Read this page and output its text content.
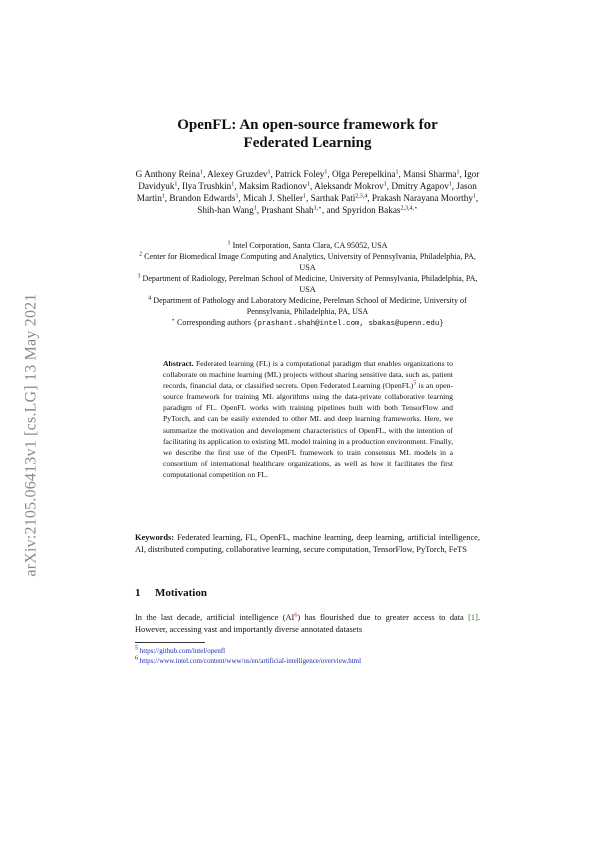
arXiv:2105.06413v1 [cs.LG] 13 May 2021
OpenFL: An open-source framework for
Federated Learning
G Anthony Reina$^1$, Alexey Gruzdev$^1$, Patrick Foley$^1$, Olga Perepelkina$^1$, Mansi Sharma$^1$, Igor Davidyuk$^1$, Ilya Trushkin$^1$, Maksim Radionov$^1$, Aleksandr Mokrov$^1$, Dmitry Agapov$^1$, Jason Martin$^1$, Brandon Edwards$^1$, Micah J. Sheller$^1$, Sarthak Pati$^{2,3,4}$, Prakash Narayana Moorthy$^1$, Shih-han Wang$^1$, Prashant Shah$^{1,⋆}$, and Spyridon Bakas$^{2,3,4,⋆}$

$^1$ Intel Corporation, Santa Clara, CA 95052, USA

$^2$ Center for Biomedical Image Computing and Analytics, University of Pennsylvania, Philadelphia, PA, USA

$^3$ Department of Radiology, Perelman School of Medicine, University of Pennsylvania, Philadelphia, PA, USA

$^4$ Department of Pathology and Laboratory Medicine, Perelman School of Medicine, University of Pennsylvania, Philadelphia, PA, USA

⋆ Corresponding authors {prashant.shah@intel.com, sbakas@upenn.edu}

Abstract. Federated learning (FL) is a computational paradigm that enables organizations to collaborate on machine learning (ML) projects without sharing sensitive data, such as, patient records, financial data, or classified secrets. Open Federated Learning (OpenFL)$^5$ is an open-source framework for training ML algorithms using the data-private collaborative learning paradigm of FL. OpenFL works with training pipelines built with both TensorFlow and PyTorch, and can be easily extended to other ML and deep learning frameworks. Here, we summarize the motivation and development characteristics of OpenFL, with the intention of facilitating its application to existing ML model training in a production environment. Finally, we describe the first use of the OpenFL framework to train consensus ML models in a consortium of international healthcare organizations, as well as how it facilitates the first computational competition on FL.

Keywords: Federated learning, FL, OpenFL, machine learning, deep learning, artificial intelligence, AI, distributed computing, collaborative learning, secure computation, TensorFlow, PyTorch, FeTS

1 Motivation

In the last decade, artificial intelligence (AI$^6$) has flourished due to greater access to data [1]. However, accessing vast and importantly diverse annotated datasets

$^5$ https://github.com/intel/openfl

$^6$ https://www.intel.com/content/www/us/en/artificial-intelligence/overview.html
